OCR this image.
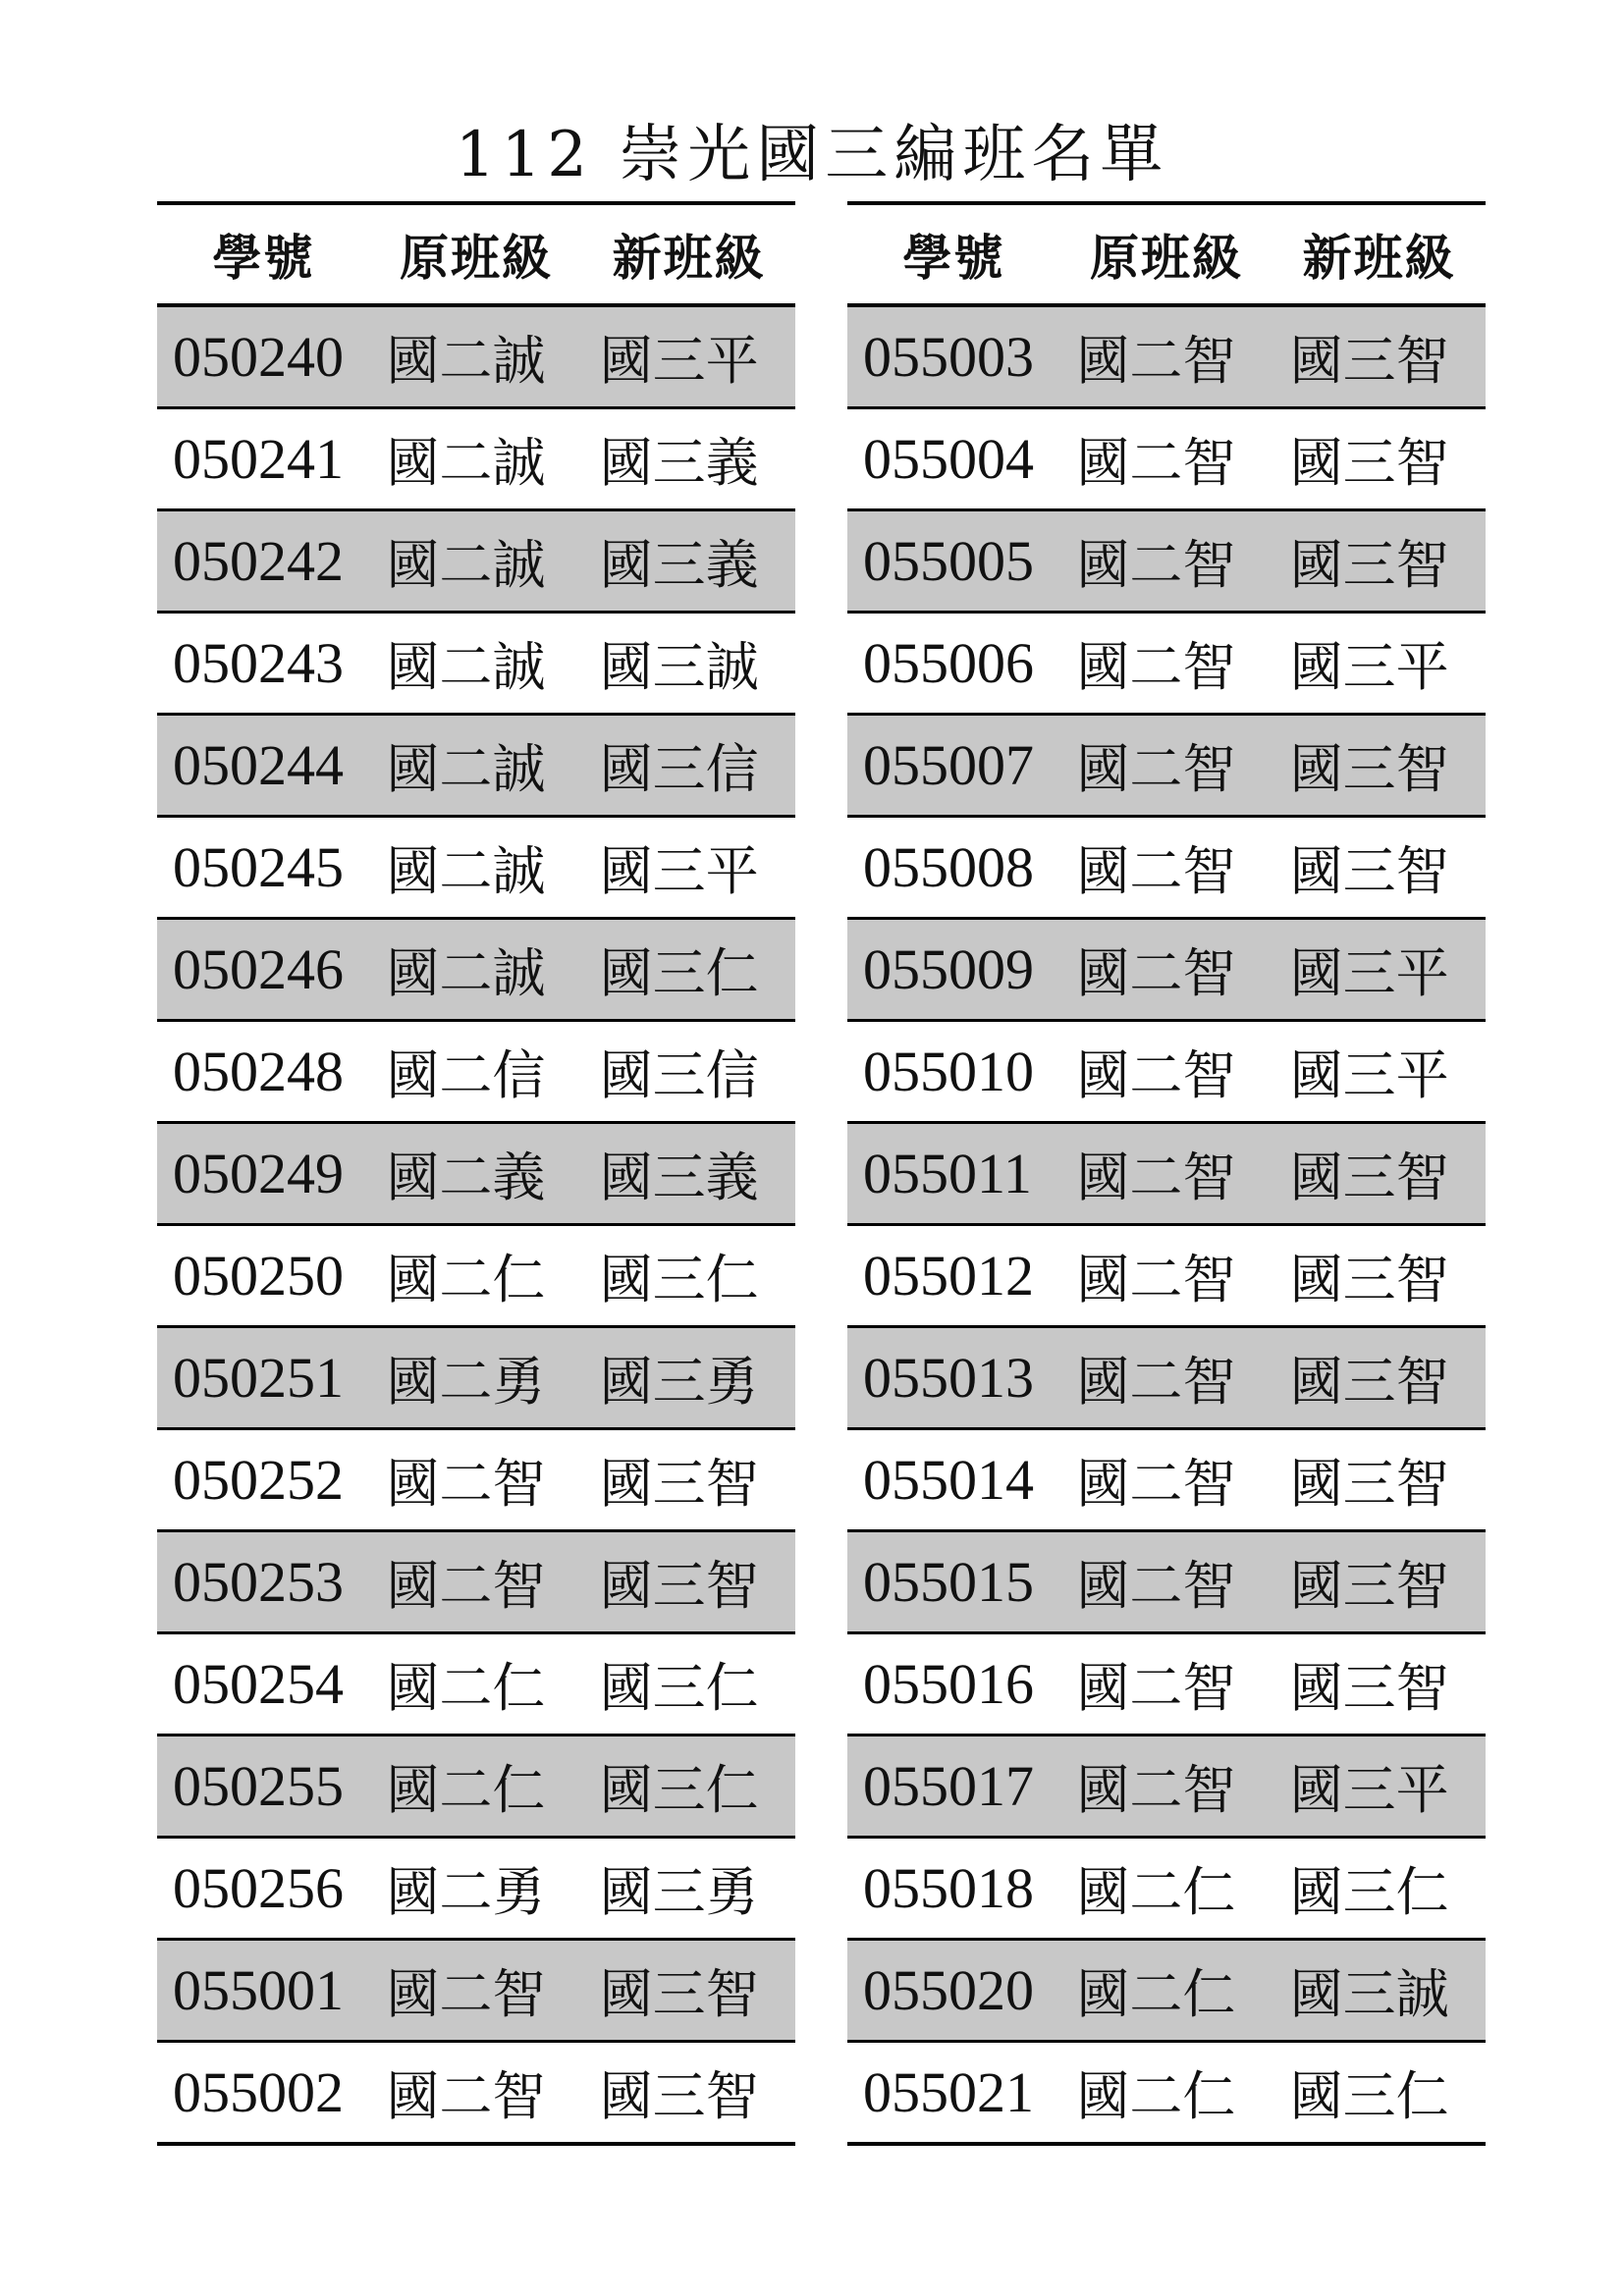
112 崇光國三編班名單
學號	原班級	新班級
050240 國二誠	國三平
050241 國二誠	國三義
050242 國二誠	國三義
050243 國二誠	國三誠
050244 國二誠	國三信
050245 國二誠	國三平
050246 國二誠	國三仁
050248 國二信	國三信
050249 國二義	國三義
050250 國二仁	國三仁
050251 國二勇	國三勇
050252 國二智	國三智
050253 國二智	國三智
050254 國二仁	國三仁
050255 國二仁	國三仁
050256 國二勇	國三勇
055001 國二智	國三智
055002 國二智	國三智
學號	原班級	新班級
055003 國二智	國三智
055004 國二智	國三智
055005 國二智	國三智
055006 國二智	國三平
055007 國二智	國三智
055008 國二智	國三智
055009 國二智	國三平
055010 國二智	國三平
055011 國二智	國三智
055012 國二智	國三智
055013 國二智	國三智
055014 國二智	國三智
055015 國二智	國三智
055016 國二智	國三智
055017 國二智	國三平
055018 國二仁	國三仁
055020 國二仁	國三誠
055021 國二仁	國三仁
